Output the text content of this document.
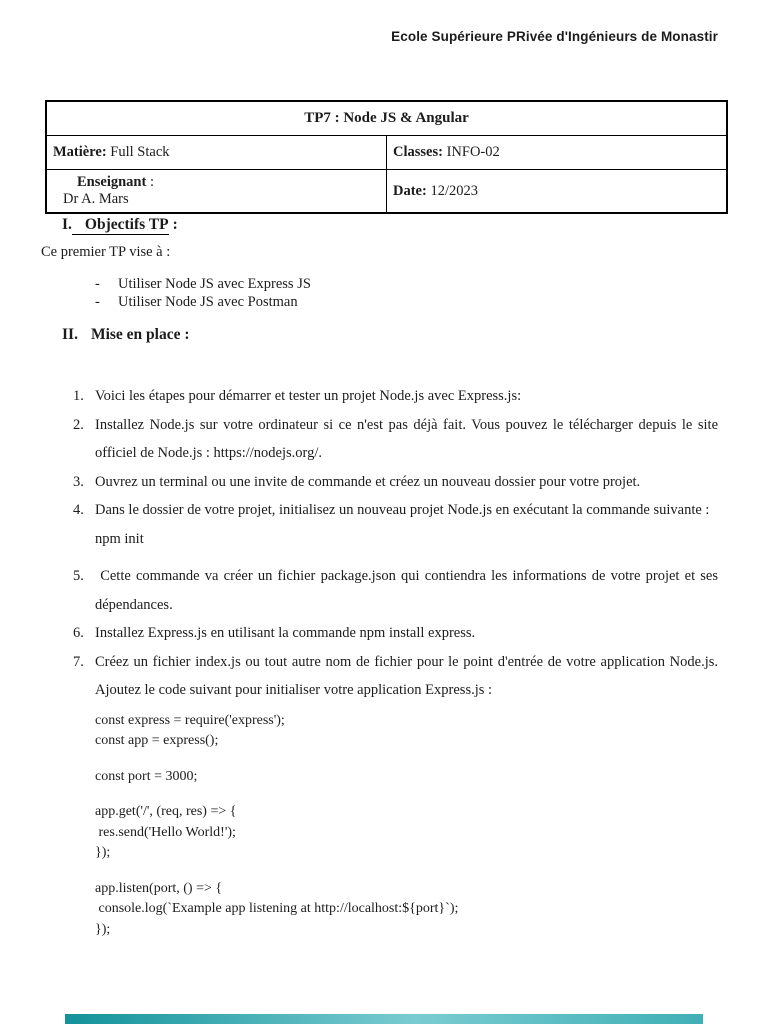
Ecole Supérieure PRivée d'Ingénieurs de Monastir
TP7 : Node JS & Angular	
Matière: Full Stack	Classes: INFO-02

Enseignant :
Dr A. Mars	Date: 12/2023
I. Objectifs TP :
Ce premier TP vise à :
-	Utiliser Node JS avec Express JS
-	Utiliser Node JS avec Postman
II. Mise en place :
1. Voici les étapes pour démarrer et tester un projet Node.js avec Express.js:
2. Installez Node.js sur votre ordinateur si ce n'est pas déjà fait. Vous pouvez le télécharger depuis le site officiel de Node.js : https://nodejs.org/.
3. Ouvrez un terminal ou une invite de commande et créez un nouveau dossier pour votre projet.
4. Dans le dossier de votre projet, initialisez un nouveau projet Node.js en exécutant la commande suivante :
npm init
5. Cette commande va créer un fichier package.json qui contiendra les informations de votre projet et ses dépendances.
6. Installez Express.js en utilisant la commande npm install express.
7. Créez un fichier index.js ou tout autre nom de fichier pour le point d'entrée de votre application Node.js. Ajoutez le code suivant pour initialiser votre application Express.js :
const express = require('express');
const app = express();
const port = 3000;
app.get('/', (req, res) => {
res.send('Hello World!');
});
app.listen(port, () => {
console.log(`Example app listening at http://localhost:${port}`);
});
